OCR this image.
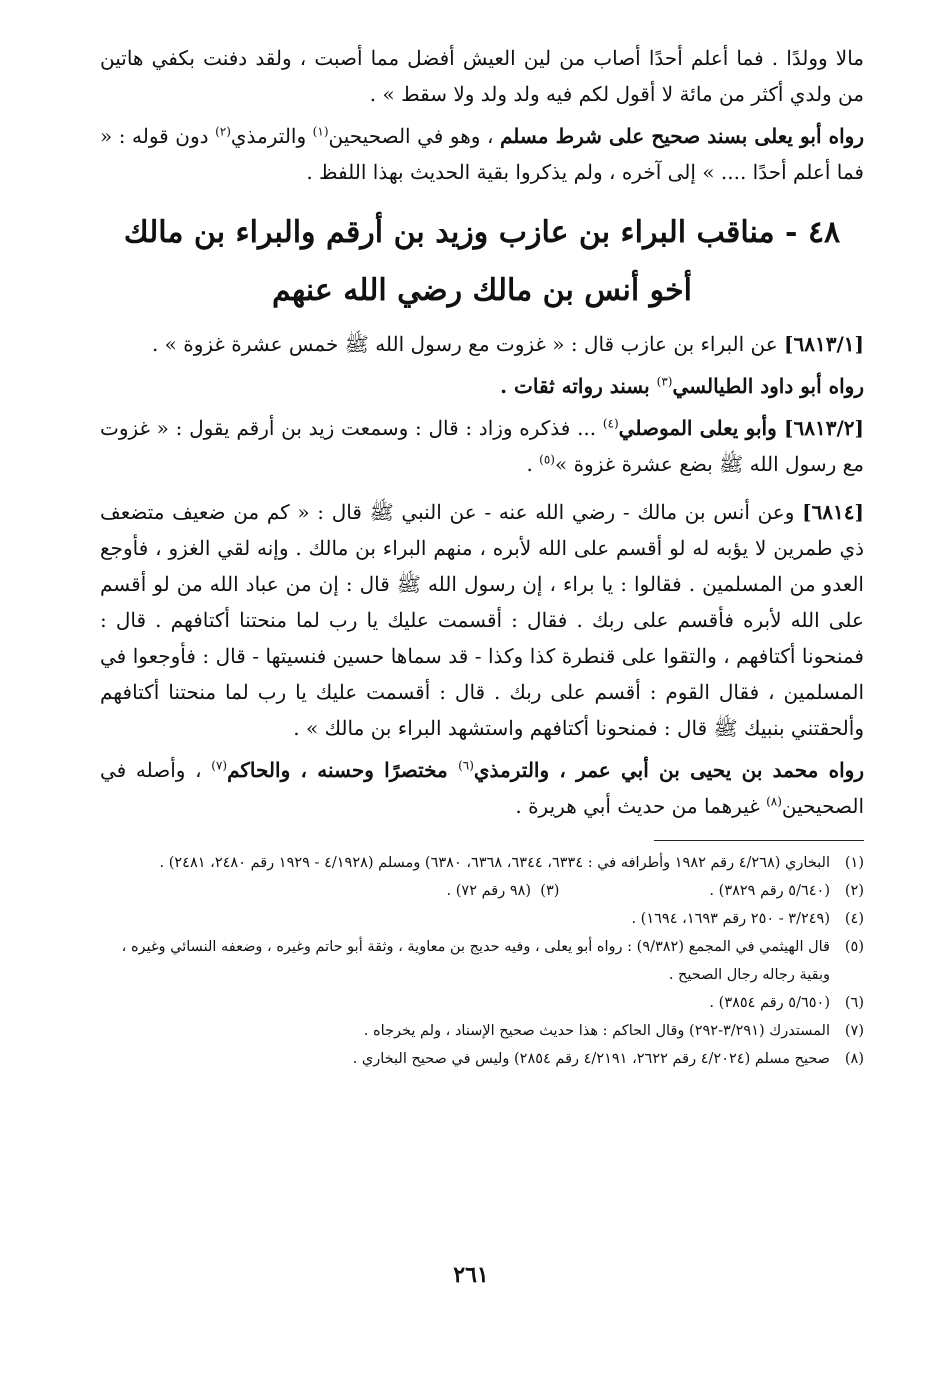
مالا وولدًا . فما أعلم أحدًا أصاب من لين العيش أفضل مما أصبت ، ولقد دفنت بكفي هاتين من ولدي أكثر من مائة لا أقول لكم فيه ولد ولد ولا سقط » .

رواه أبو يعلى بسند صحيح على شرط مسلم ، وهو في الصحيحين$^{(١)}$ والترمذي$^{(٢)}$ دون قوله : « فما أعلم أحدًا .... » إلى آخره ، ولم يذكروا بقية الحديث بهذا اللفظ .

٤٨ - مناقب البراء بن عازب وزيد بن أرقم والبراء بن مالك
أخو أنس بن مالك رضي الله عنهم

[٦٨١٣/١] عن البراء بن عازب قال : « غزوت مع رسول الله ﷺ خمس عشرة غزوة » .

رواه أبو داود الطيالسي$^{(٣)}$ بسند رواته ثقات .

[٦٨١٣/٢] وأبو يعلى الموصلي$^{(٤)}$ ... فذكره وزاد : قال : وسمعت زيد بن أرقم يقول : « غزوت مع رسول الله ﷺ بضع عشرة غزوة »$^{(٥)}$ .

[٦٨١٤] وعن أنس بن مالك - رضي الله عنه - عن النبي ﷺ قال : « كم من ضعيف متضعف ذي طمرين لا يؤبه له لو أقسم على الله لأبره ، منهم البراء بن مالك . وإنه لقي الغزو ، فأوجع العدو من المسلمين . فقالوا : يا براء ، إن رسول الله ﷺ قال : إن من عباد الله من لو أقسم على الله لأبره فأقسم على ربك . فقال : أقسمت عليك يا رب لما منحتنا أكتافهم . قال : فمنحونا أكتافهم ، والتقوا على قنطرة كذا وكذا - قد سماها حسين فنسيتها - قال : فأوجعوا في المسلمين ، فقال القوم : أقسم على ربك . قال : أقسمت عليك يا رب لما منحتنا أكتافهم وألحقتني بنبيك ﷺ قال : فمنحونا أكتافهم واستشهد البراء بن مالك » .

رواه محمد بن يحيى بن أبي عمر ، والترمذي$^{(٦)}$ مختصرًا وحسنه ، والحاكم$^{(٧)}$ ، وأصله في الصحيحين$^{(٨)}$ غيرهما من حديث أبي هريرة .

(١)
البخاري (٤/٢٦٨ رقم ١٩٨٢ وأطرافه في : ٦٣٣٤، ٦٣٤٤، ٦٣٦٨، ٦٣٨٠) ومسلم (٤/١٩٢٨ - ١٩٢٩ رقم ٢٤٨٠، ٢٤٨١) .

(٢)
(٥/٦٤٠ رقم ٣٨٢٩) .
(٣)  (٩٨ رقم ٧٢) .

(٤)
(٣/٢٤٩ - ٢٥٠ رقم ١٦٩٣، ١٦٩٤) .

(٥)
قال الهيثمي في المجمع (٩/٣٨٢) : رواه أبو يعلى ، وفيه حديج بن معاوية ، وثقة أبو حاتم وغيره ، وضعفه النسائي وغيره ، وبقية رجاله رجال الصحيح .

(٦)
(٥/٦٥٠ رقم ٣٨٥٤) .

(٧)
المستدرك (٣/٢٩١-٢٩٢) وقال الحاكم : هذا حديث صحيح الإسناد ، ولم يخرجاه .

(٨)
صحيح مسلم (٤/٢٠٢٤ رقم ٢٦٢٢، ٤/٢١٩١ رقم ٢٨٥٤) وليس في صحيح البخاري .

٢٦١
